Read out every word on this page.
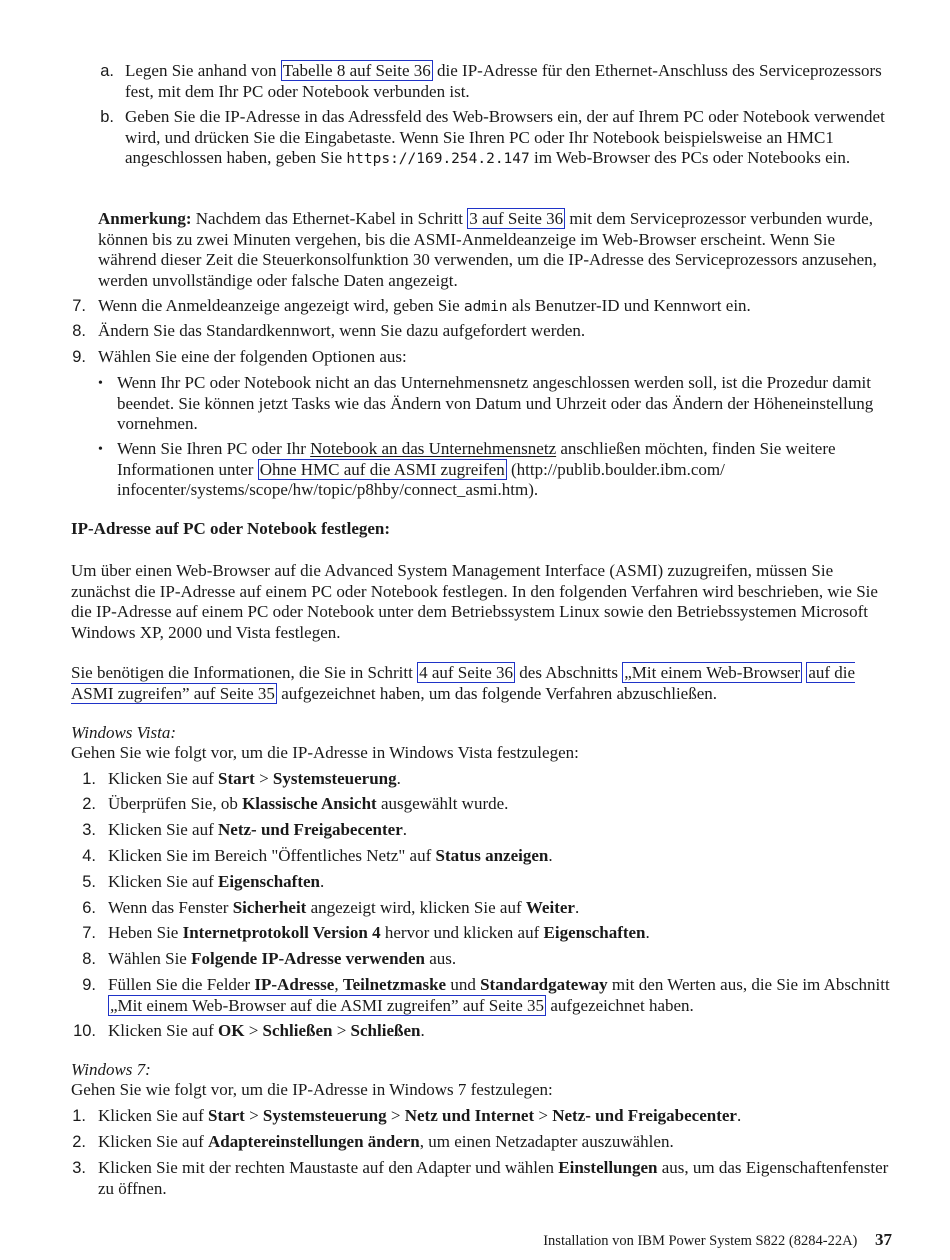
a. Legen Sie anhand von Tabelle 8 auf Seite 36 die IP-Adresse für den Ethernet-Anschluss des Serviceprozessors fest, mit dem Ihr PC oder Notebook verbunden ist.
b. Geben Sie die IP-Adresse in das Adressfeld des Web-Browsers ein, der auf Ihrem PC oder Notebook verwendet wird, und drücken Sie die Eingabetaste. Wenn Sie Ihren PC oder Ihr Notebook beispielsweise an HMC1 angeschlossen haben, geben Sie https://169.254.2.147 im Web-Browser des PCs oder Notebooks ein.
Anmerkung: Nachdem das Ethernet-Kabel in Schritt 3 auf Seite 36 mit dem Serviceprozessor verbunden wurde, können bis zu zwei Minuten vergehen, bis die ASMI-Anmeldeanzeige im Web-Browser erscheint. Wenn Sie während dieser Zeit die Steuerkonsolfunktion 30 verwenden, um die IP-Adresse des Serviceprozessors anzusehen, werden unvollständige oder falsche Daten angezeigt.
7. Wenn die Anmeldeanzeige angezeigt wird, geben Sie admin als Benutzer-ID und Kennwort ein.
8. Ändern Sie das Standardkennwort, wenn Sie dazu aufgefordert werden.
9. Wählen Sie eine der folgenden Optionen aus:
• Wenn Ihr PC oder Notebook nicht an das Unternehmensnetz angeschlossen werden soll, ist die Prozedur damit beendet. Sie können jetzt Tasks wie das Ändern von Datum und Uhrzeit oder das Ändern der Höheneinstellung vornehmen.
• Wenn Sie Ihren PC oder Ihr Notebook an das Unternehmensnetz anschließen möchten, finden Sie weitere Informationen unter Ohne HMC auf die ASMI zugreifen (http://publib.boulder.ibm.com/ infocenter/systems/scope/hw/topic/p8hby/connect_asmi.htm).
IP-Adresse auf PC oder Notebook festlegen:
Um über einen Web-Browser auf die Advanced System Management Interface (ASMI) zuzugreifen, müssen Sie zunächst die IP-Adresse auf einem PC oder Notebook festlegen. In den folgenden Verfahren wird beschrieben, wie Sie die IP-Adresse auf einem PC oder Notebook unter dem Betriebssystem Linux sowie den Betriebssystemen Microsoft Windows XP, 2000 und Vista festlegen.
Sie benötigen die Informationen, die Sie in Schritt 4 auf Seite 36 des Abschnitts „Mit einem Web-Browser auf die ASMI zugreifen” auf Seite 35 aufgezeichnet haben, um das folgende Verfahren abzuschließen.
Windows Vista:
Gehen Sie wie folgt vor, um die IP-Adresse in Windows Vista festzulegen:
1. Klicken Sie auf Start > Systemsteuerung.
2. Überprüfen Sie, ob Klassische Ansicht ausgewählt wurde.
3. Klicken Sie auf Netz- und Freigabecenter.
4. Klicken Sie im Bereich "Öffentliches Netz" auf Status anzeigen.
5. Klicken Sie auf Eigenschaften.
6. Wenn das Fenster Sicherheit angezeigt wird, klicken Sie auf Weiter.
7. Heben Sie Internetprotokoll Version 4 hervor und klicken auf Eigenschaften.
8. Wählen Sie Folgende IP-Adresse verwenden aus.
9. Füllen Sie die Felder IP-Adresse, Teilnetzmaske und Standardgateway mit den Werten aus, die Sie im Abschnitt „Mit einem Web-Browser auf die ASMI zugreifen” auf Seite 35 aufgezeichnet haben.
10. Klicken Sie auf OK > Schließen > Schließen.
Windows 7:
Gehen Sie wie folgt vor, um die IP-Adresse in Windows 7 festzulegen:
1. Klicken Sie auf Start > Systemsteuerung > Netz und Internet > Netz- und Freigabecenter.
2. Klicken Sie auf Adaptereinstellungen ändern, um einen Netzadapter auszuwählen.
3. Klicken Sie mit der rechten Maustaste auf den Adapter und wählen Einstellungen aus, um das Eigenschaftenfenster zu öffnen.
Installation von IBM Power System S822 (8284-22A) 37
